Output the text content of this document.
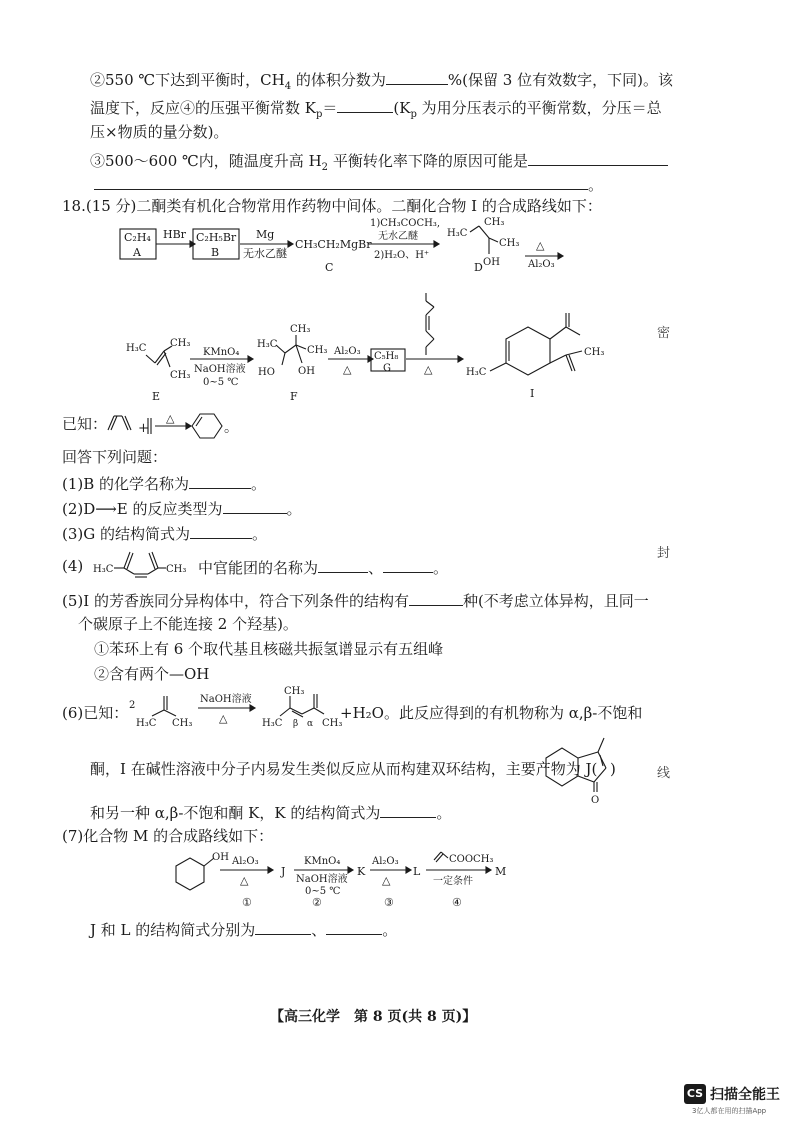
②550 ℃下达到平衡时，$CH_4$ 的体积分数为	%(保留 3 位有效数字，下同)。该
温度下，反应④的压强平衡常数 $K_p=$	($K_p$ 为用分压表示的平衡常数，分压＝总
压×物质的量分数)。
③500～600 ℃内，随温度升高 $H_2$ 平衡转化率下降的原因可能是
。
18.(15 分)二酮类有机化合物常用作药物中间体。二酮化合物 I 的合成路线如下：
C₂H₄
A
HBr C₂H₅Br
B
Mg
无水乙醚
CH₃CH₂MgBr
C
1)CH₃COCH₃,
无水乙醚
2)H₂O、H⁺
H₃C
CH₃
CH₃
OH
D
△
Al₂O₃
H₃C CH₃
CH₃
E
KMnO₄
NaOH溶液
0~5 ℃
H₃C
CH₃
CH₃
HO OH
F
Al₂O₃
△
C₅H₈
G	△	H₃C
CH₃
I
已知： +
△
。
回答下列问题：
(1)B 的化学名称为	。
(2)D⟶E 的反应类型为	。
(3)G 的结构简式为	。
(4) H₃C	CH₃ 中官能团的名称为	、	。
(5)I 的芳香族同分异构体中，符合下列条件的结构有	种(不考虑立体异构，且同一
个碳原子上不能连接 2 个羟基)。
①苯环上有 6 个取代基且核磁共振氢谱显示有五组峰
②含有两个—OH
(6)已知： 2
H₃C CH₃
NaOH溶液
△
CH₃
H₃C	CH₃
β α
+H₂O。此反应得到的有机物称为 α,β-不饱和
酮，I 在碱性溶液中分子内易发生类似反应从而构建双环结构，主要产物为 J(
O
)
和另一种 α,β-不饱和酮 K，K 的结构简式为	。
(7)化合物 M 的合成路线如下：
OH Al₂O₃
△
①
J
KMnO₄
NaOH溶液
0~5 ℃
②
K
Al₂O₃
△
③
L
COOCH₃
一定条件
④
M
J 和 L 的结构简式分别为	、	。
密
封
线
【高三化学　第 8 页(共 8 页)】
CS 扫描全能王
3亿人都在用的扫描App
